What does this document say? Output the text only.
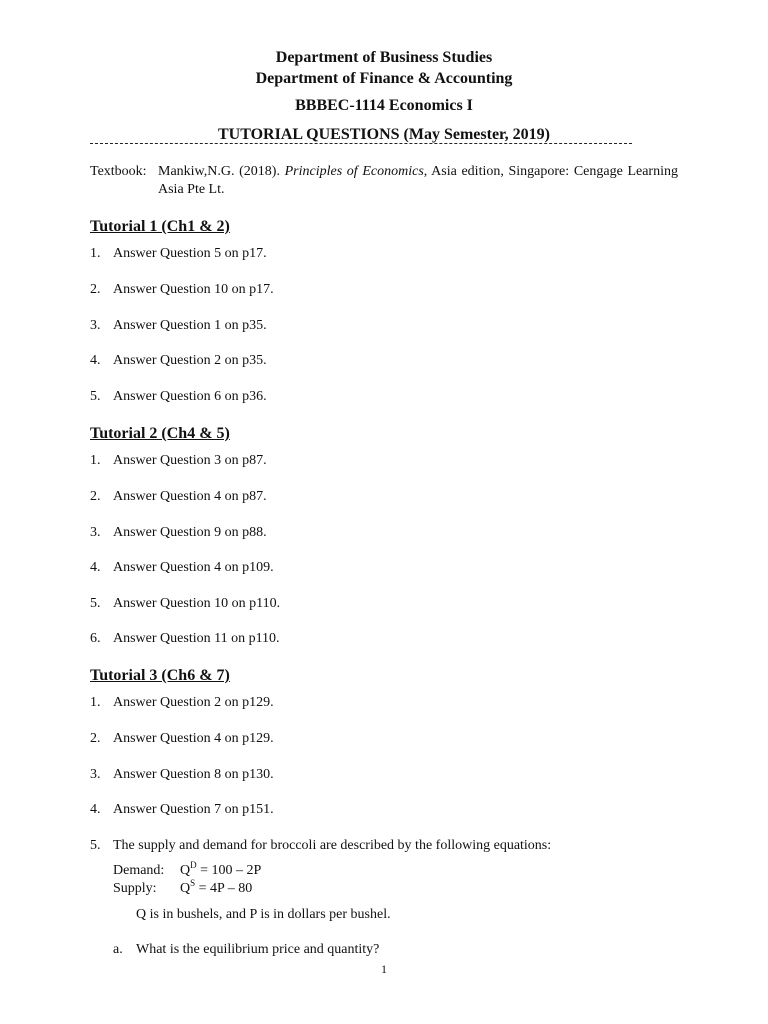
Department of Business Studies
Department of Finance & Accounting
BBBEC-1114 Economics I
TUTORIAL QUESTIONS (May Semester, 2019)
Textbook: Mankiw,N.G. (2018). Principles of Economics, Asia edition, Singapore: Cengage Learning Asia Pte Lt.
Tutorial 1 (Ch1 & 2)
1. Answer Question 5 on p17.
2. Answer Question 10 on p17.
3. Answer Question 1 on p35.
4. Answer Question 2 on p35.
5. Answer Question 6 on p36.
Tutorial 2 (Ch4 & 5)
1. Answer Question 3 on p87.
2. Answer Question 4 on p87.
3. Answer Question 9 on p88.
4. Answer Question 4 on p109.
5. Answer Question 10 on p110.
6. Answer Question 11 on p110.
Tutorial 3 (Ch6 & 7)
1. Answer Question 2 on p129.
2. Answer Question 4 on p129.
3. Answer Question 8 on p130.
4. Answer Question 7 on p151.
5. The supply and demand for broccoli are described by the following equations:
Demand: $Q^D = 100 - 2P$
Supply: $Q^S = 4P - 80$
Q is in bushels, and P is in dollars per bushel.
a. What is the equilibrium price and quantity?
1
